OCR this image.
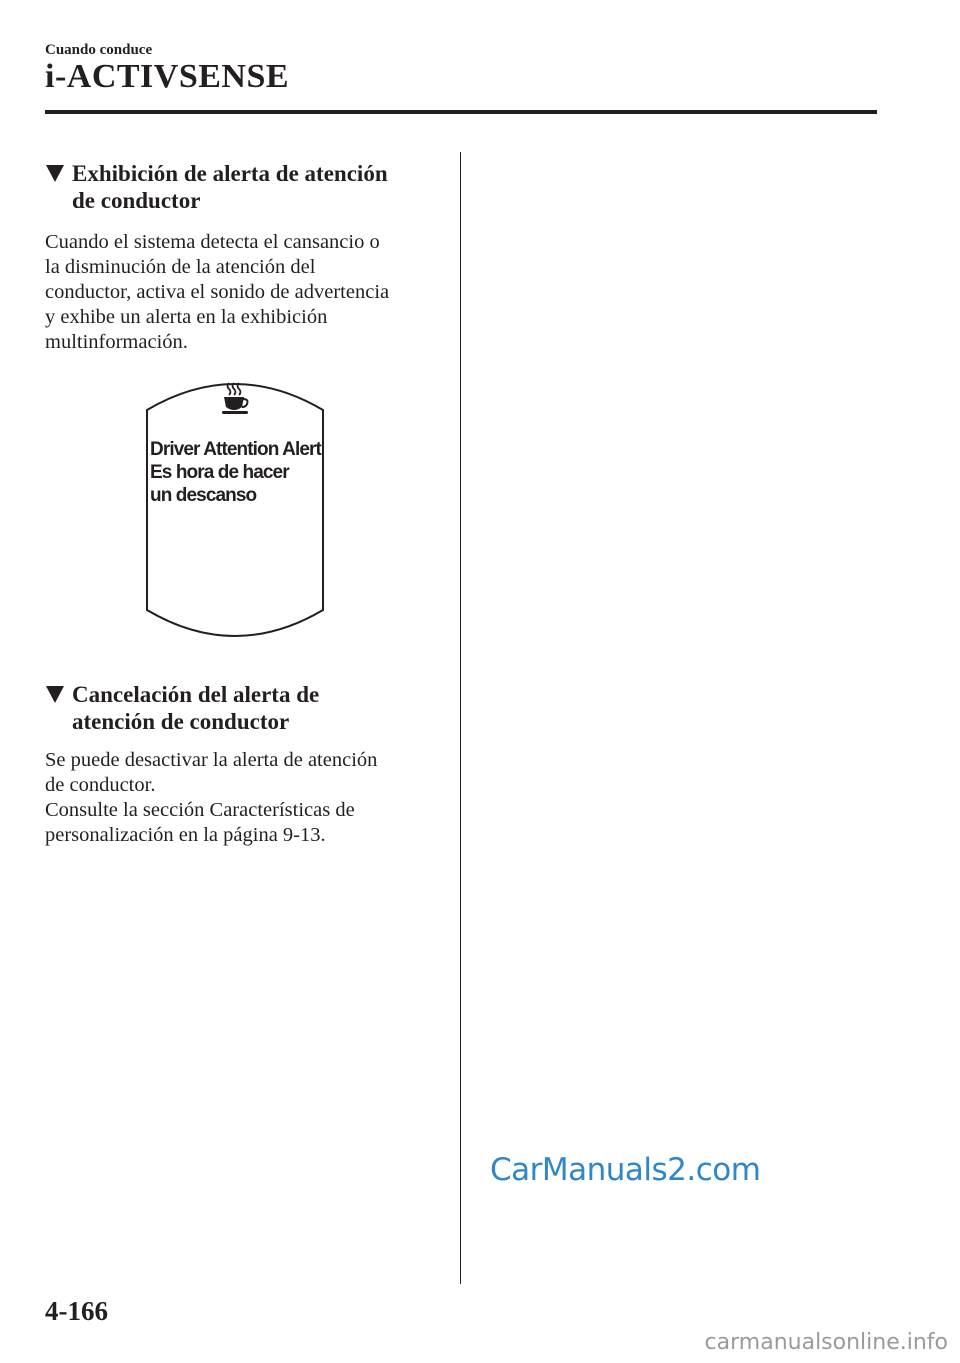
Cuando conduce
i-ACTIVSENSE
Exhibición de alerta de atención
de conductor

Cuando el sistema detecta el cansancio o

la disminución de la atención del

conductor, activa el sonido de advertencia

y exhibe un alerta en la exhibición

multinformación.

Driver Attention Alert
Es hora de hacer
un descanso
Cancelación del alerta de
atención de conductor

Se puede desactivar la alerta de atención

de conductor.

Consulte la sección Características de

personalización en la página 9-13.

CarManuals2.com
4-166
carmanualsonline.info
